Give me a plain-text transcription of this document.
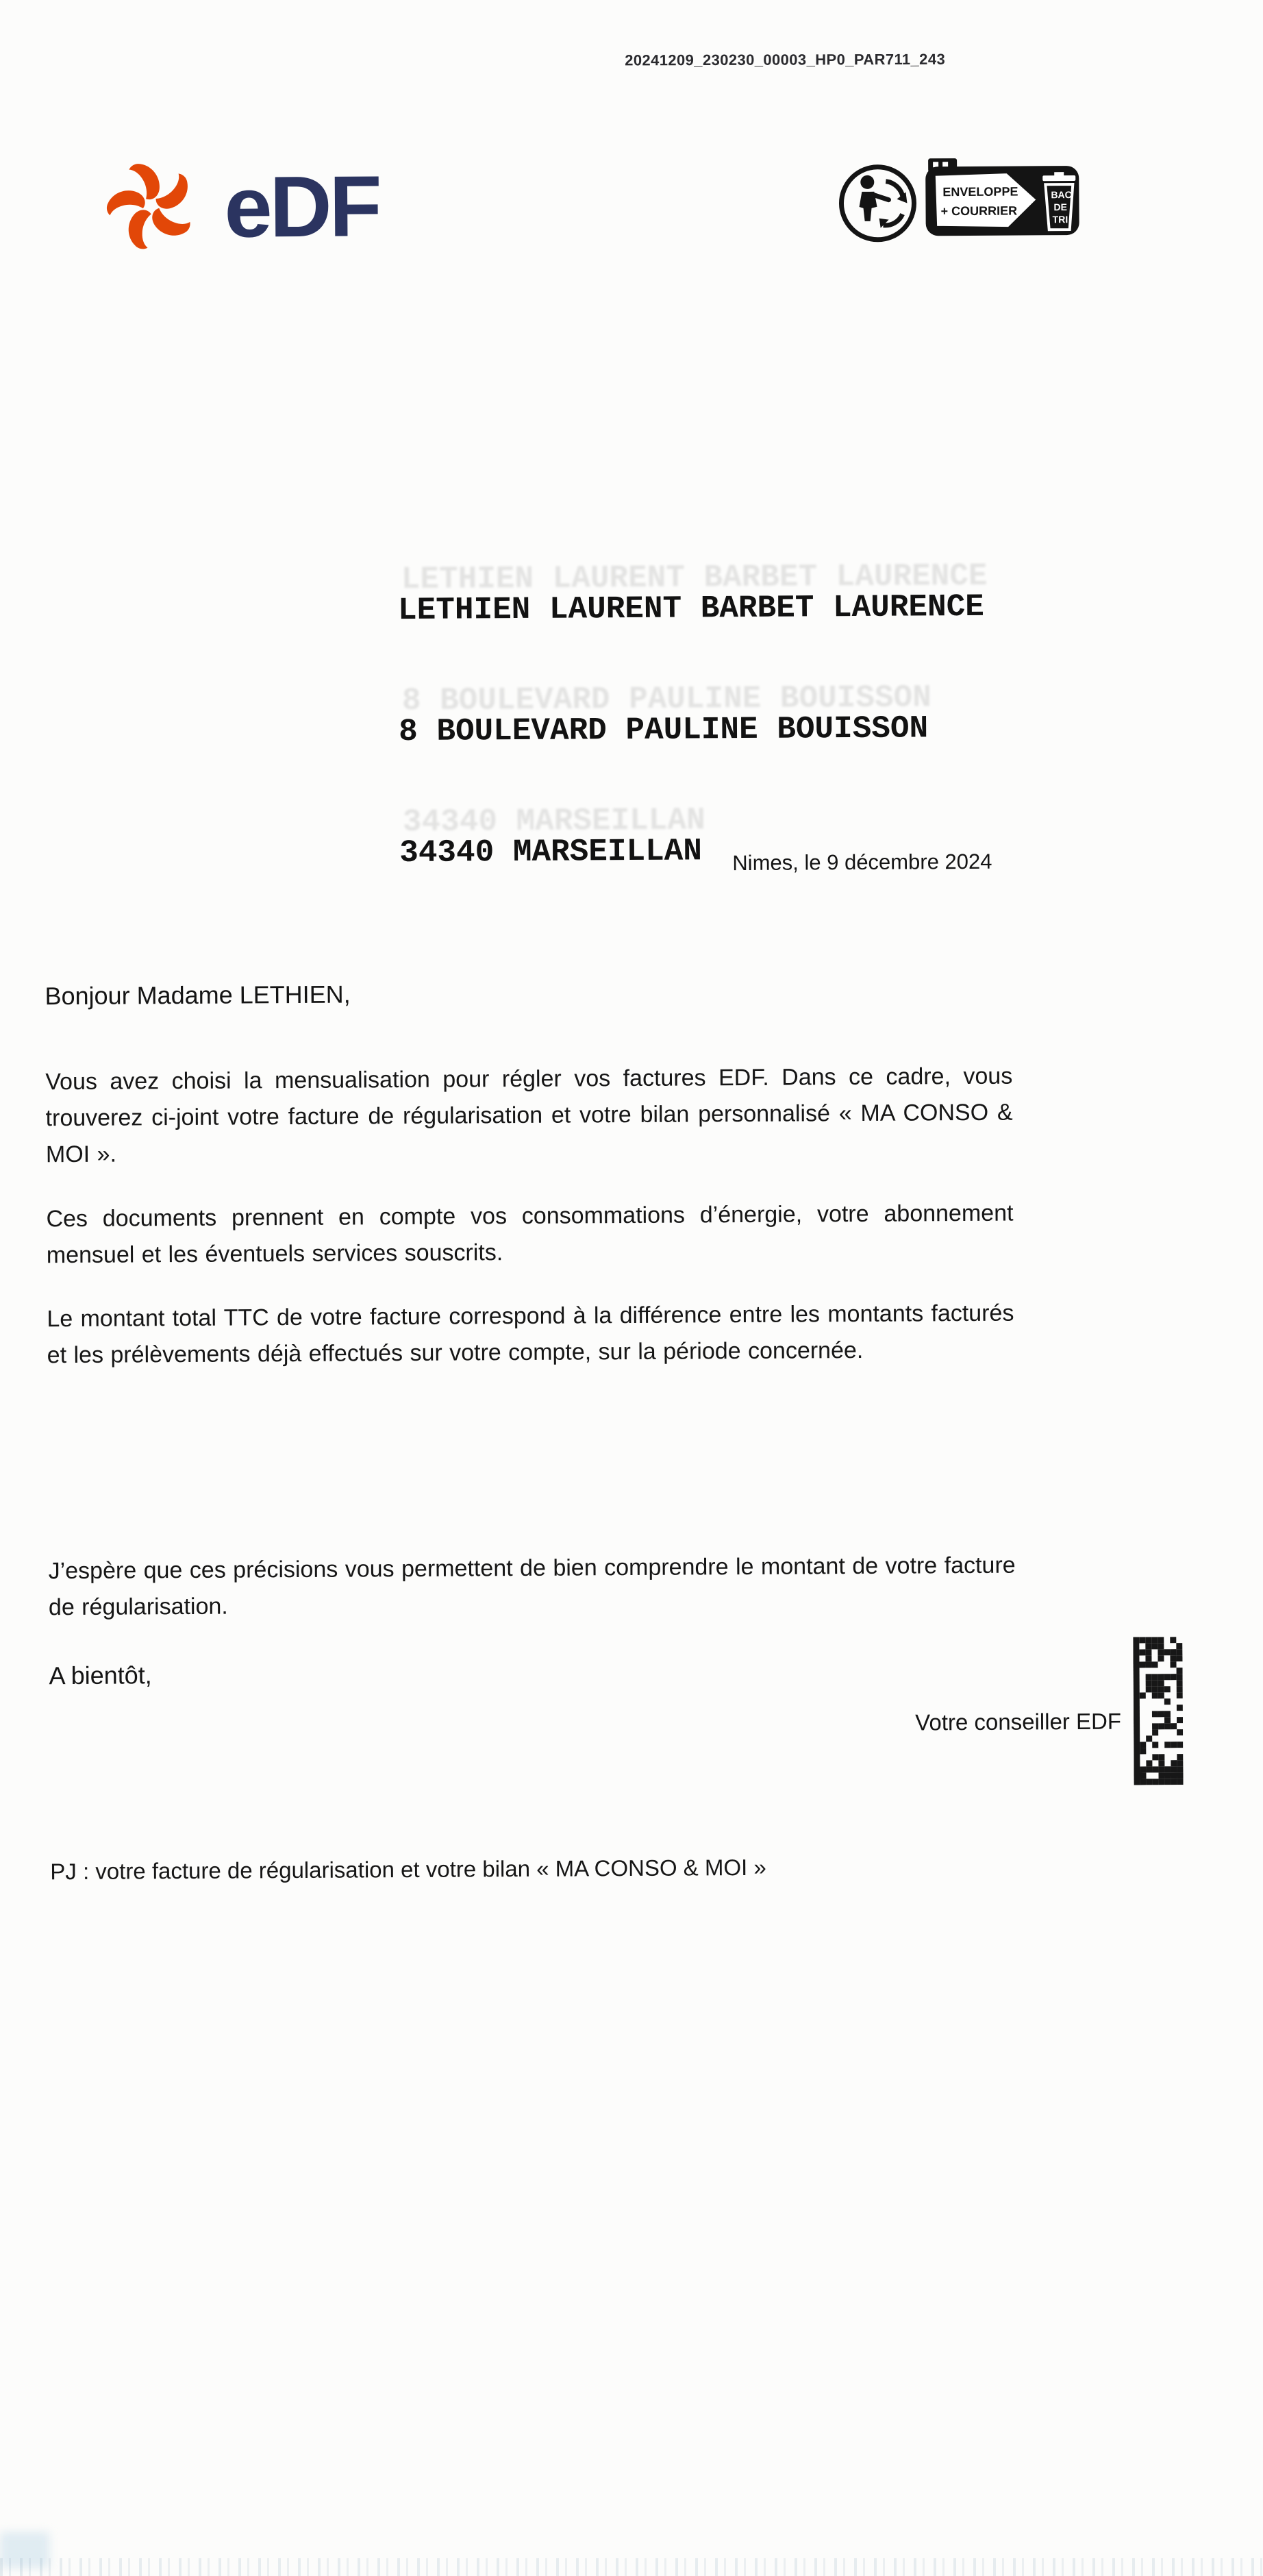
20241209_230230_00003_HP0_PAR711_243
eDF	ENVELOPPE
+ COURRIER
BAC
DE
TRI

LETHIEN LAURENT BARBET LAURENCE

8 BOULEVARD PAULINE BOUISSON

34340 MARSEILLAN

	Nimes, le 9 décembre 2024
Bonjour Madame LETHIEN,

Vous avez choisi la mensualisation pour régler vos factures EDF. Dans ce cadre, vous trouverez ci-joint votre facture de régularisation et votre bilan personnalisé « MA CONSO & MOI ».

Ces documents prennent en compte vos consommations d’énergie, votre abonnement mensuel et les éventuels services souscrits.

Le montant total TTC de votre facture correspond à la différence entre les montants facturés et les prélèvements déjà effectués sur votre compte, sur la période concernée.

J’espère que ces précisions vous permettent de bien comprendre le montant de votre facture de régularisation.

A bientôt,
Votre conseiller EDF
PJ : votre facture de régularisation et votre bilan « MA CONSO & MOI »
